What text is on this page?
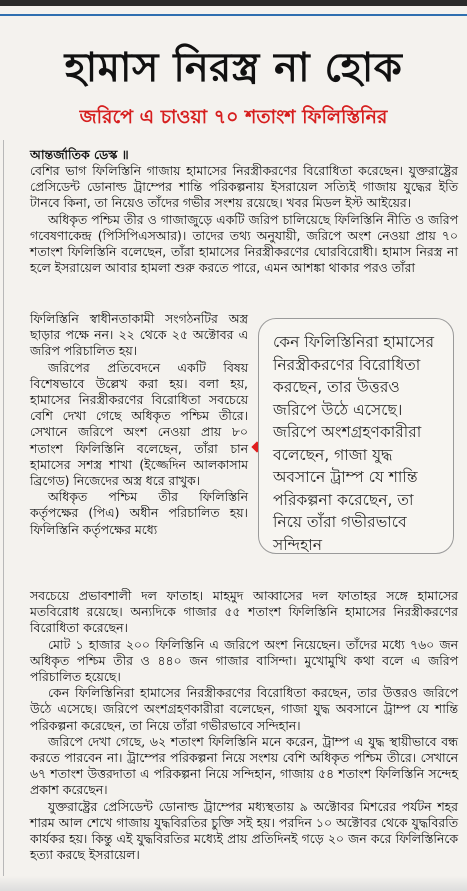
হামাস নিরস্ত্র না হোক
জরিপে এ চাওয়া ৭০ শতাংশ ফিলিস্তিনির
আন্তর্জাতিক ডেস্ক ॥

বেশির ভাগ ফিলিস্তিনি গাজায় হামাসের নিরস্ত্রীকরণের বিরোধিতা করেছেন। যুক্তরাষ্ট্রের প্রেসিডেন্ট ডোনাল্ড ট্রাম্পের শান্তি পরিকল্পনায় ইসরায়েল সত্যিই গাজায় যুদ্ধের ইতি টানবে কিনা, তা নিয়েও তাঁদের গভীর সংশয় রয়েছে। খবর মিডল ইস্ট আইয়ের।

অধিকৃত পশ্চিম তীর ও গাজাজুড়ে একটি জরিপ চালিয়েছে ফিলিস্তিনি নীতি ও জরিপ গবেষণাকেন্দ্র (পিসিপিএসআর)। তাদের তথ্য অনুযায়ী, জরিপে অংশ নেওয়া প্রায় ৭০ শতাংশ ফিলিস্তিনি বলেছেন, তাঁরা হামাসের নিরস্ত্রীকরণের ঘোরবিরোধী। হামাস নিরস্ত্র না হলে ইসরায়েল আবার হামলা শুরু করতে পারে, এমন আশঙ্কা থাকার পরও তাঁরা

ফিলিস্তিনি স্বাধীনতাকামী সংগঠনটির অস্ত্র ছাড়ার পক্ষে নন। ২২ থেকে ২৫ অক্টোবর এ জরিপ পরিচালিত হয়।

জরিপের প্রতিবেদনে একটি বিষয় বিশেষভাবে উল্লেখ করা হয়। বলা হয়, হামাসের নিরস্ত্রীকরণের বিরোধিতা সবচেয়ে বেশি দেখা গেছে অধিকৃত পশ্চিম তীরে। সেখানে জরিপে অংশ নেওয়া প্রায় ৮০ শতাংশ ফিলিস্তিনি বলেছেন, তাঁরা চান হামাসের সশস্ত্র শাখা (ইজ্জেদিন আলকাসাম ব্রিগেড) নিজেদের অস্ত্র ধরে রাখুক।

অধিকৃত পশ্চিম তীর ফিলিস্তিনি কর্তৃপক্ষের (পিএ) অধীন পরিচালিত হয়। ফিলিস্তিনি কর্তৃপক্ষের মধ্যে

কেন ফিলিস্তিনিরা হামাসের নিরস্ত্রীকরণের বিরোধিতা করছেন, তার উত্তরও জরিপে উঠে এসেছে। জরিপে অংশগ্রহণকারীরা বলেছেন, গাজা যুদ্ধ অবসানে ট্রাম্প যে শান্তি পরিকল্পনা করেছেন, তা নিয়ে তাঁরা গভীরভাবে সন্দিহান

সবচেয়ে প্রভাবশালী দল ফাতাহ। মাহমুদ আব্বাসের দল ফাতাহর সঙ্গে হামাসের মতবিরোধ রয়েছে। অন্যদিকে গাজার ৫৫ শতাংশ ফিলিস্তিনি হামাসের নিরস্ত্রীকরণের বিরোধিতা করেছেন।

মোট ১ হাজার ২০০ ফিলিস্তিনি এ জরিপে অংশ নিয়েছেন। তাঁদের মধ্যে ৭৬০ জন অধিকৃত পশ্চিম তীর ও ৪৪০ জন গাজার বাসিন্দা। মুখোমুখি কথা বলে এ জরিপ পরিচালিত হয়েছে।

কেন ফিলিস্তিনিরা হামাসের নিরস্ত্রীকরণের বিরোধিতা করছেন, তার উত্তরও জরিপে উঠে এসেছে। জরিপে অংশগ্রহণকারীরা বলেছেন, গাজা যুদ্ধ অবসানে ট্রাম্প যে শান্তি পরিকল্পনা করেছেন, তা নিয়ে তাঁরা গভীরভাবে সন্দিহান।

জরিপে দেখা গেছে, ৬২ শতাংশ ফিলিস্তিনি মনে করেন, ট্রাম্প এ যুদ্ধ স্থায়ীভাবে বন্ধ করতে পারবেন না। ট্রাম্পের পরিকল্পনা নিয়ে সংশয় বেশি অধিকৃত পশ্চিম তীরে। সেখানে ৬৭ শতাংশ উত্তরদাতা এ পরিকল্পনা নিয়ে সন্দিহান, গাজায় ৫৪ শতাংশ ফিলিস্তিনি সন্দেহ প্রকাশ করেছেন।

যুক্তরাষ্ট্রের প্রেসিডেন্ট ডোনাল্ড ট্রাম্পের মধ্যস্থতায় ৯ অক্টোবর মিশরের পর্যটন শহর শারম আল শেখে গাজায় যুদ্ধবিরতির চুক্তি সই হয়। পরদিন ১০ অক্টোবর থেকে যুদ্ধবিরতি কার্যকর হয়। কিন্তু এই যুদ্ধবিরতির মধ্যেই প্রায় প্রতিদিনই গড়ে ২০ জন করে ফিলিস্তিনিকে হত্যা করছে ইসরায়েল।
